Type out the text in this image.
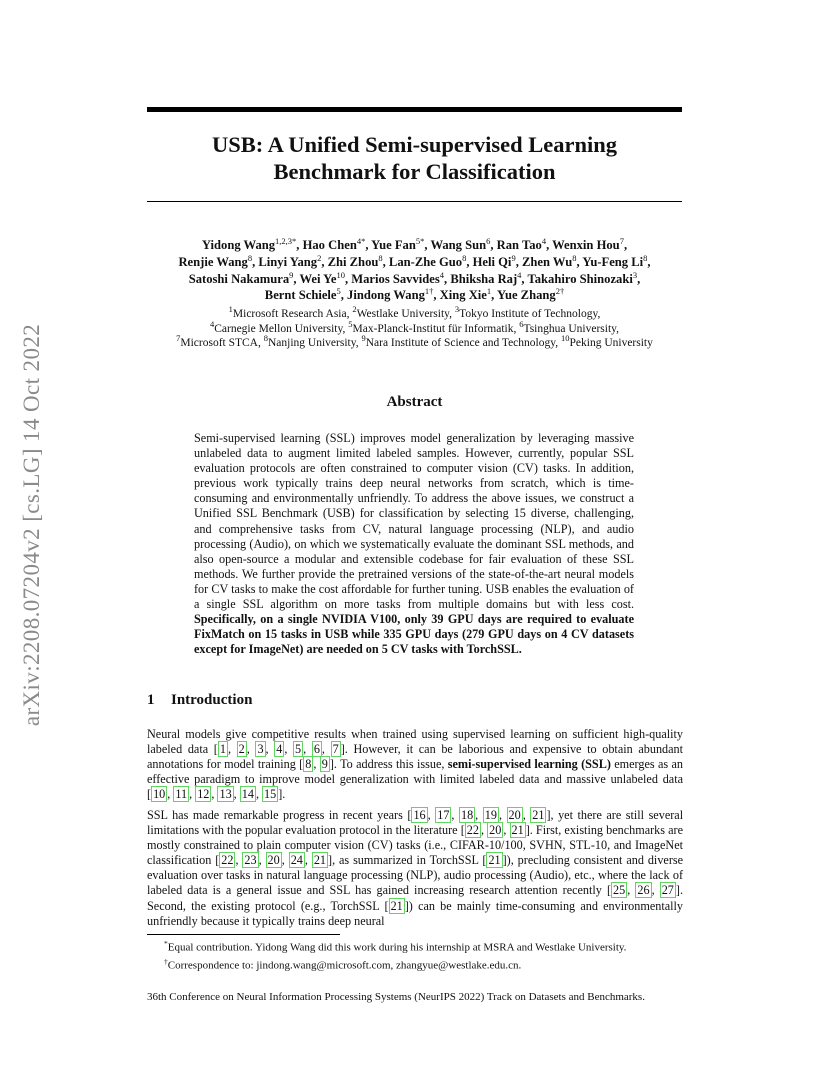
arXiv:2208.07204v2 [cs.LG] 14 Oct 2022
USB: A Unified Semi-supervised Learning
Benchmark for Classification
Yidong Wang$^{1,2,3*}$, Hao Chen$^{4*}$, Yue Fan$^{5*}$, Wang Sun$^6$, Ran Tao$^4$, Wenxin Hou$^7$,
Renjie Wang$^8$, Linyi Yang$^2$, Zhi Zhou$^8$, Lan-Zhe Guo$^8$, Heli Qi$^9$, Zhen Wu$^8$, Yu-Feng Li$^8$,
Satoshi Nakamura$^9$, Wei Ye$^{10}$, Marios Savvides$^4$, Bhiksha Raj$^4$, Takahiro Shinozaki$^3$,
Bernt Schiele$^5$, Jindong Wang$^{1\dagger}$, Xing Xie$^1$, Yue Zhang$^{2\dagger}$
$^1$Microsoft Research Asia, $^2$Westlake University, $^3$Tokyo Institute of Technology,
$^4$Carnegie Mellon University, $^5$Max-Planck-Institut für Informatik, $^6$Tsinghua University,
$^7$Microsoft STCA, $^8$Nanjing University, $^9$Nara Institute of Science and Technology, $^{10}$Peking University
Abstract
Semi-supervised learning (SSL) improves model generalization by leveraging massive unlabeled data to augment limited labeled samples. However, currently, popular SSL evaluation protocols are often constrained to computer vision (CV) tasks. In addition, previous work typically trains deep neural networks from scratch, which is time-consuming and environmentally unfriendly. To address the above issues, we construct a Unified SSL Benchmark (USB) for classification by selecting 15 diverse, challenging, and comprehensive tasks from CV, natural language processing (NLP), and audio processing (Audio), on which we systematically evaluate the dominant SSL methods, and also open-source a modular and extensible codebase for fair evaluation of these SSL methods. We further provide the pretrained versions of the state-of-the-art neural models for CV tasks to make the cost affordable for further tuning. USB enables the evaluation of a single SSL algorithm on more tasks from multiple domains but with less cost. Specifically, on a single NVIDIA V100, only 39 GPU days are required to evaluate FixMatch on 15 tasks in USB while 335 GPU days (279 GPU days on 4 CV datasets except for ImageNet) are needed on 5 CV tasks with TorchSSL.
1 Introduction
Neural models give competitive results when trained using supervised learning on sufficient high-quality labeled data [ 1 , 2 , 3 , 4 , 5 , 6 , 7 ]. However, it can be laborious and expensive to obtain abundant annotations for model training [ 8 , 9 ]. To address this issue, semi-supervised learning (SSL) emerges as an effective paradigm to improve model generalization with limited labeled data and massive unlabeled data [ 10 , 11 , 12 , 13 , 14 , 15 ].
SSL has made remarkable progress in recent years [ 16 , 17 , 18 , 19 , 20 , 21 ], yet there are still several limitations with the popular evaluation protocol in the literature [ 22 , 20 , 21 ]. First, existing benchmarks are mostly constrained to plain computer vision (CV) tasks (i.e., CIFAR-10/100, SVHN, STL-10, and ImageNet classification [ 22 , 23 , 20 , 24 , 21 ], as summarized in TorchSSL [ 21 ]), precluding consistent and diverse evaluation over tasks in natural language processing (NLP), audio processing (Audio), etc., where the lack of labeled data is a general issue and SSL has gained increasing research attention recently [ 25 , 26 , 27 ]. Second, the existing protocol (e.g., TorchSSL [ 21 ]) can be mainly time-consuming and environmentally unfriendly because it typically trains deep neural
*Equal contribution. Yidong Wang did this work during his internship at MSRA and Westlake University.
†Correspondence to: jindong.wang@microsoft.com, zhangyue@westlake.edu.cn.
36th Conference on Neural Information Processing Systems (NeurIPS 2022) Track on Datasets and Benchmarks.
